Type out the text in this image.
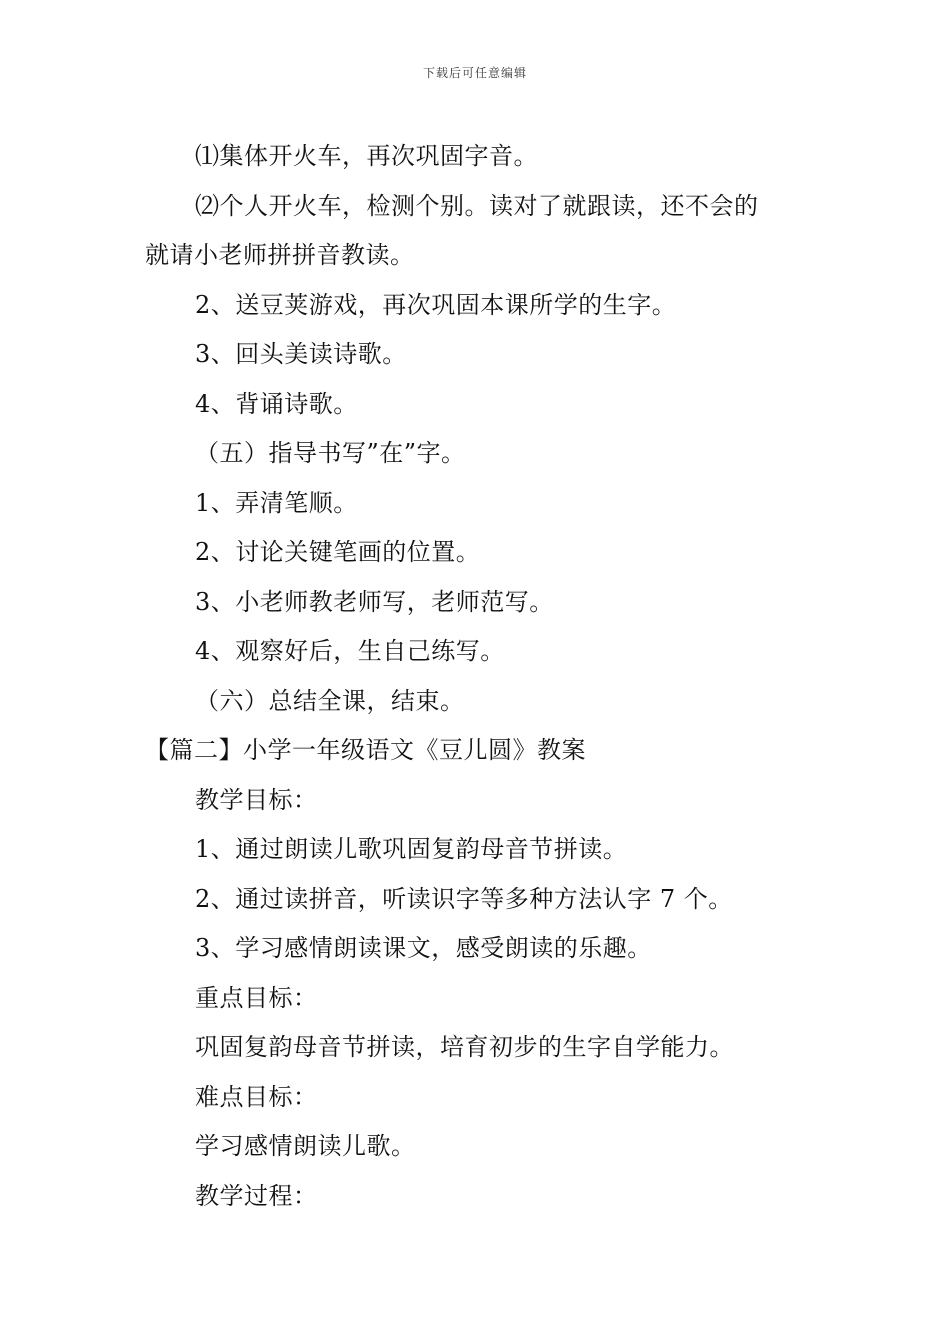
下载后可任意编辑
⑴集体开火车，再次巩固字音。
⑵个人开火车，检测个别。读对了就跟读，还不会的
就请小老师拼拼音教读。
2、送豆荚游戏，再次巩固本课所学的生字。
3、回头美读诗歌。
4、背诵诗歌。
（五）指导书写”在”字。
1、弄清笔顺。
2、讨论关键笔画的位置。
3、小老师教老师写，老师范写。
4、观察好后，生自己练写。
（六）总结全课，结束。
【篇二】小学一年级语文《豆儿圆》教案
教学目标：
1、通过朗读儿歌巩固复韵母音节拼读。
2、通过读拼音，听读识字等多种方法认字 7 个。
3、学习感情朗读课文，感受朗读的乐趣。
重点目标：
巩固复韵母音节拼读，培育初步的生字自学能力。
难点目标：
学习感情朗读儿歌。
教学过程：
